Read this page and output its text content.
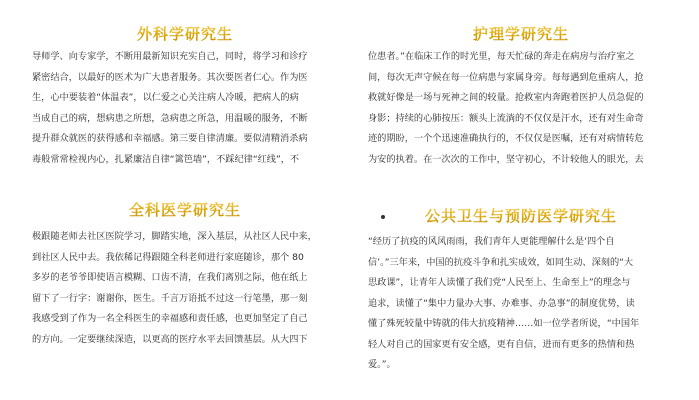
外科学研究生
导师学、向专家学，不断用最新知识充实自己，同时，将学习和诊疗
紧密结合，以最好的医术为广大患者服务。其次要医者仁心。作为医
生，心中要装着“体温表”，以仁爱之心关注病人冷暖，把病人的病
当成自己的病，想病患之所想，急病患之所急，用温暖的服务，不断
提升群众就医的获得感和幸福感。第三要自律清廉。要似清精消杀病
毒般常常检视内心，扎紧廉洁自律“篱笆墙”，不踩纪律“红线”，不
护理学研究生
位患者。”在临床工作的时光里，每天忙碌的奔走在病房与治疗室之
间，每次无声守候在每一位病患与家属身旁。每每遇到危重病人，抢
救就好像是一场与死神之间的较量。抢救室内奔跑着医护人员急促的
身影；持续的心肺按压：额头上流淌的不仅仅是汗水，还有对生命奇
迹的期盼，一个个迅速准确执行的，不仅仅是医嘱，还有对病情转危
为安的执着。在一次次的工作中，坚守初心，不计较他人的眼光，去
全科医学研究生
极跟随老师去社区医院学习，脚踏实地，深入基层，从社区人民中来，
到社区人民中去。我依稀记得跟随全科老师进行家庭随诊，那个 80
多岁的老爷爷即使语言模糊、口齿不清，在我们离别之际，他在纸上
留下了一行字：谢谢你，医生。千言万语抵不过这一行笔墨，那一刻
我感受到了作为一名全科医生的幸福感和责任感，也更加坚定了自己
的方向。一定要继续深造，以更高的医疗水平去回馈基层。从大四下
公共卫生与预防医学研究生
“经历了抗疫的风风雨雨，我们青年人更能理解什么是‘四个自
信’。”三年来，中国的抗疫斗争和扎实成效，如同生动、深刻的“大
思政课”，让青年人读懂了我们党“人民至上、生命至上”的理念与
追求，读懂了“集中力量办大事、办难事、办急事”的制度优势，读
懂了殊死较量中铸就的伟大抗疫精神……如一位学者所说，“中国年
轻人对自己的国家更有安全感，更有自信，进而有更多的热情和热
爱。”。
